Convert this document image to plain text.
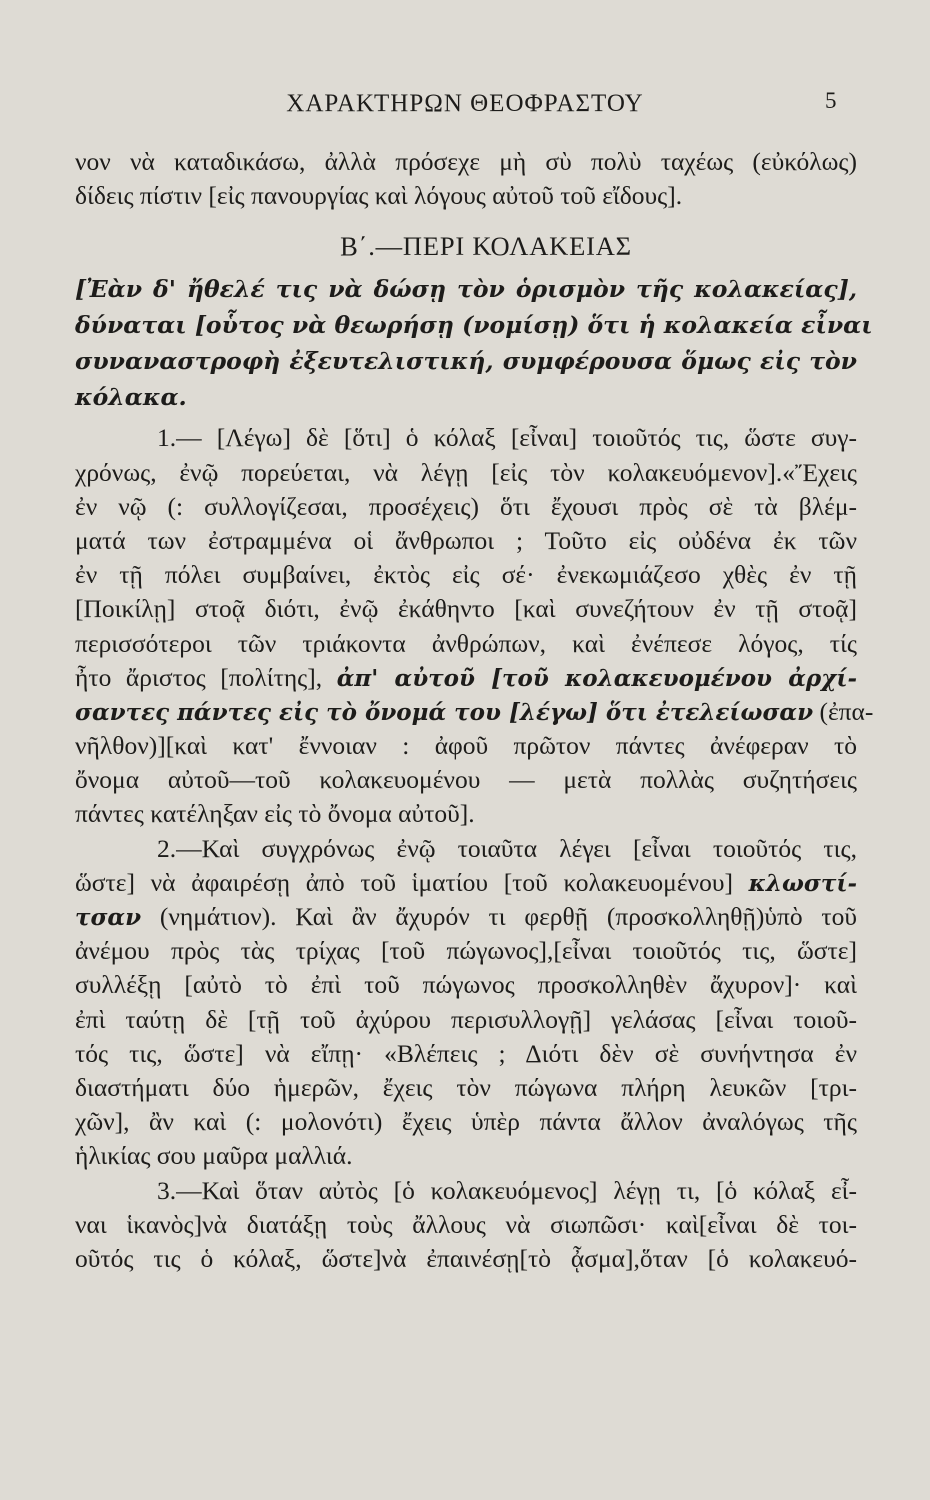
ΧΑΡΑΚΤΗΡΩΝ ΘΕΟΦΡΑΣΤΟΥ	5
νον νὰ καταδικάσω, ἀλλὰ πρόσεχε μὴ σὺ πολὺ ταχέως (εὐκόλως)
δίδεις πίστιν [εἰς πανουργίας καὶ λόγους αὐτοῦ τοῦ εἴδους].
Β΄.—ΠΕΡΙ ΚΟΛΑΚΕΙΑΣ
[Ἐὰν δ' ἤθελέ τις νὰ δώσῃ τὸν ὁρισμὸν τῆς κολακείας],
δύναται [οὗτος νὰ θεωρήσῃ (νομίσῃ) ὅτι ἡ κολακεία εἶναι
συναναστροφὴ ἐξευτελιστική, συμφέρουσα ὅμως εἰς τὸν
κόλακα.
1.— [Λέγω] δὲ [ὅτι] ὁ κόλαξ [εἶναι] τοιοῦτός τις, ὥστε συγ-
χρόνως, ἐνῷ πορεύεται, νὰ λέγῃ [εἰς τὸν κολακευόμενον].«Ἔχεις
ἐν νῷ (: συλλογίζεσαι, προσέχεις) ὅτι ἔχουσι πρὸς σὲ τὰ βλέμ-
ματά των ἐστραμμένα οἱ ἄνθρωποι ; Τοῦτο εἰς οὐδένα ἐκ τῶν
ἐν τῇ πόλει συμβαίνει, ἐκτὸς εἰς σέ· ἐνεκωμιάζεσο χθὲς ἐν τῇ
[Ποικίλῃ] στοᾷ διότι, ἐνῷ ἐκάθηντο [καὶ συνεζήτουν ἐν τῇ στοᾷ]
περισσότεροι τῶν τριάκοντα ἀνθρώπων, καὶ ἐνέπεσε λόγος, τίς
ἦτο ἄριστος [πολίτης], ἀπ' αὐτοῦ [τοῦ κολακευομένου ἀρχί-
σαντες πάντες εἰς τὸ ὄνομά του [λέγω] ὅτι ἐτελείωσαν (ἐπα-
νῆλθον)][καὶ κατ' ἔννοιαν : ἀφοῦ πρῶτον πάντες ἀνέφεραν τὸ
ὄνομα αὐτοῦ—τοῦ κολακευομένου — μετὰ πολλὰς συζητήσεις
πάντες κατέληξαν εἰς τὸ ὄνομα αὐτοῦ].
2.—Καὶ συγχρόνως ἐνῷ τοιαῦτα λέγει [εἶναι τοιοῦτός τις,
ὥστε] νὰ ἀφαιρέσῃ ἀπὸ τοῦ ἱματίου [τοῦ κολακευομένου] κλωστί-
τσαν (νημάτιον). Καὶ ἂν ἄχυρόν τι φερθῇ (προσκολληθῇ)ὑπὸ τοῦ
ἀνέμου πρὸς τὰς τρίχας [τοῦ πώγωνος],[εἶναι τοιοῦτός τις, ὥστε]
συλλέξῃ [αὐτὸ τὸ ἐπὶ τοῦ πώγωνος προσκολληθὲν ἄχυρον]· καὶ
ἐπὶ ταύτῃ δὲ [τῇ τοῦ ἀχύρου περισυλλογῇ] γελάσας [εἶναι τοιοῦ-
τός τις, ὥστε] νὰ εἴπῃ· «Βλέπεις ; Διότι δὲν σὲ συνήντησα ἐν
διαστήματι δύο ἡμερῶν, ἔχεις τὸν πώγωνα πλήρη λευκῶν [τρι-
χῶν], ἂν καὶ (: μολονότι) ἔχεις ὑπὲρ πάντα ἄλλον ἀναλόγως τῆς
ἡλικίας σου μαῦρα μαλλιά.
3.—Καὶ ὅταν αὐτὸς [ὁ κολακευόμενος] λέγῃ τι, [ὁ κόλαξ εἶ-
ναι ἱκανὸς]νὰ διατάξῃ τοὺς ἄλλους νὰ σιωπῶσι· καὶ[εἶναι δὲ τοι-
οῦτός τις ὁ κόλαξ, ὥστε]νὰ ἐπαινέσῃ[τὸ ᾆσμα],ὅταν [ὁ κολακευό-
